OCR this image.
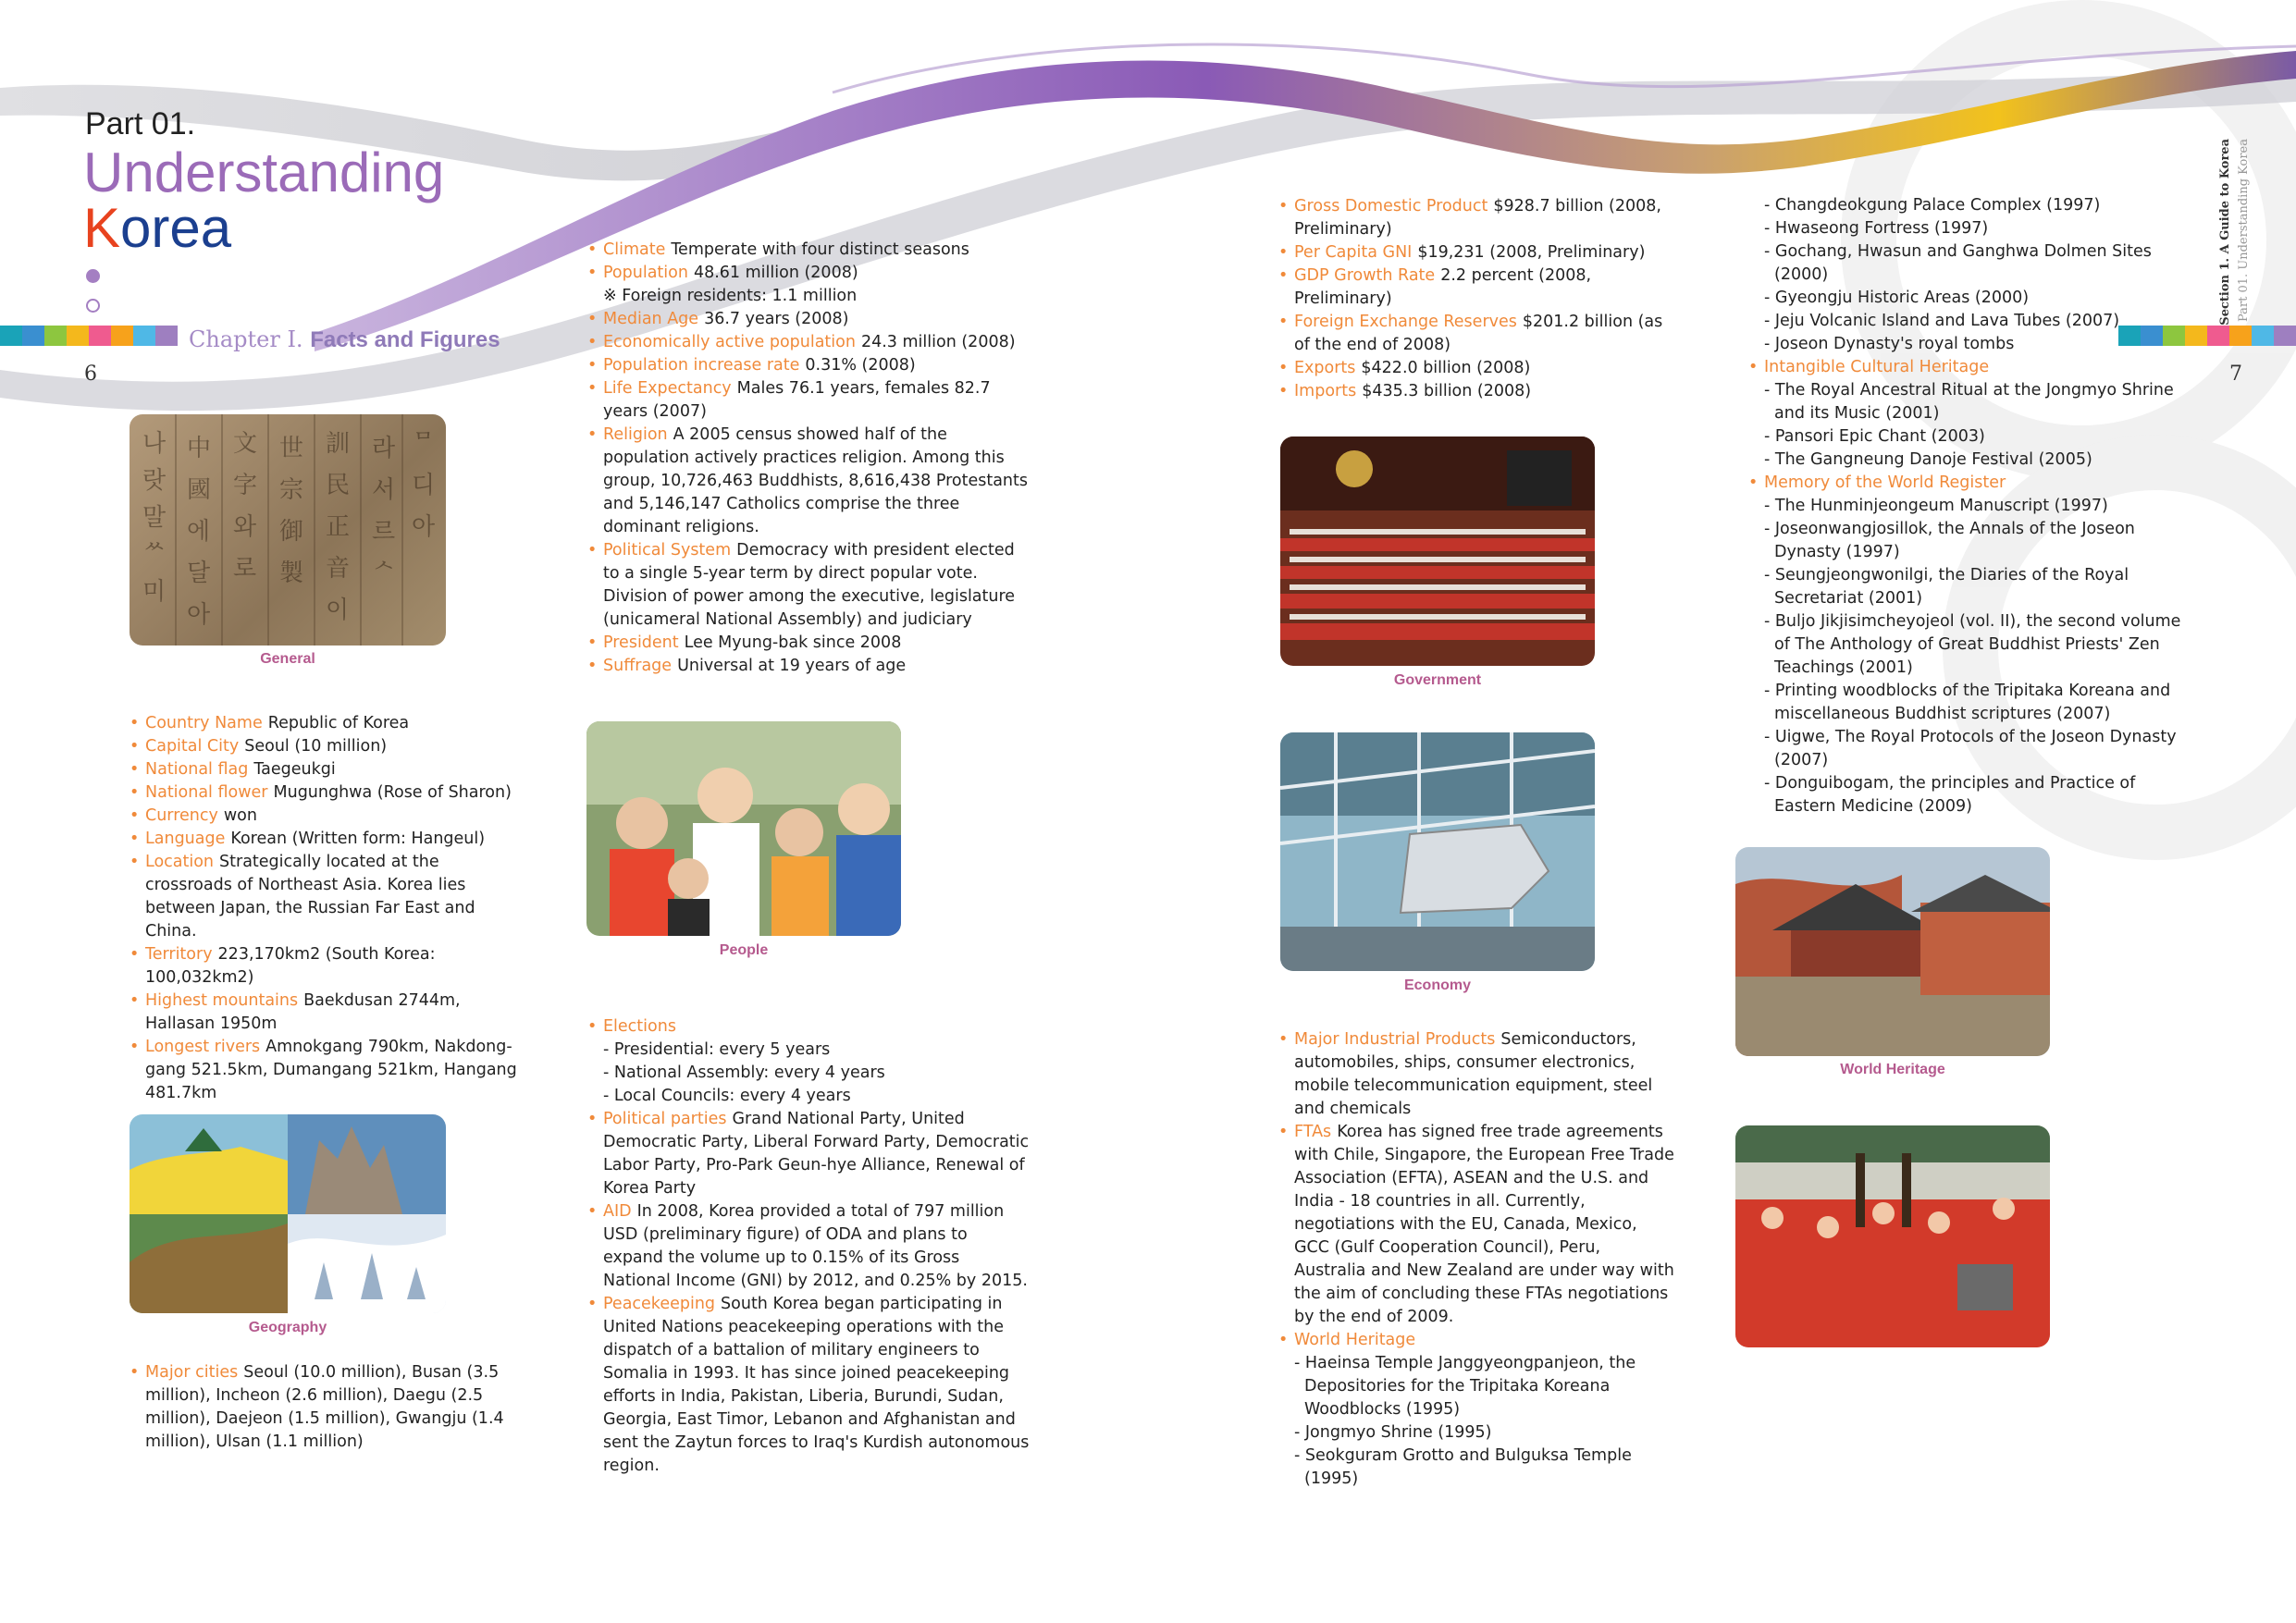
Part 01.
Understanding
Korea
Chapter Ⅰ. Facts and Figures
6	7
Section 1. A Guide to Korea Part 01. Understanding Korea
나
랏
말
ᄊ
미
中
國
에
달
아
文
字
와
로
世
宗
御
製
訓
民
正
音
이
라
서
르
ᄉ
ᄆ
디
아
General
Geography
People
Government
Economy
World Heritage
• Country Name Republic of Korea
• Capital City Seoul (10 million)
• National flag Taegeukgi
• National flower Mugunghwa (Rose of Sharon)
• Currency won
• Language Korean (Written form: Hangeul)
• Location Strategically located at the crossroads of Northeast Asia. Korea lies between Japan, the Russian Far East and China.
• Territory 223,170km2 (South Korea: 100,032km2)
• Highest mountains Baekdusan 2744m, Hallasan 1950m
• Longest rivers Amnokgang 790km, Nakdong-gang 521.5km, Dumangang 521km, Hangang 481.7km
• Major cities Seoul (10.0 million), Busan (3.5 million), Incheon (2.6 million), Daegu (2.5 million), Daejeon (1.5 million), Gwangju (1.4 million), Ulsan (1.1 million)
• Climate Temperate with four distinct seasons
• Population 48.61 million (2008)
※ Foreign residents: 1.1 million
• Median Age 36.7 years (2008)
• Economically active population 24.3 million (2008)
• Population increase rate 0.31% (2008)
• Life Expectancy Males 76.1 years, females 82.7 years (2007)
• Religion A 2005 census showed half of the population actively practices religion. Among this group, 10,726,463 Buddhists, 8,616,438 Protestants and 5,146,147 Catholics comprise the three dominant religions.
• Political System Democracy with president elected to a single 5-year term by direct popular vote. Division of power among the executive, legislature (unicameral National Assembly) and judiciary
• President Lee Myung-bak since 2008
• Suffrage Universal at 19 years of age
• Elections
- Presidential: every 5 years
- National Assembly: every 4 years
- Local Councils: every 4 years
• Political parties Grand National Party, United Democratic Party, Liberal Forward Party, Democratic Labor Party, Pro-Park Geun-hye Alliance, Renewal of Korea Party
• AID In 2008, Korea provided a total of 797 million USD (preliminary figure) of ODA and plans to expand the volume up to 0.15% of its Gross National Income (GNI) by 2012, and 0.25% by 2015.
• Peacekeeping South Korea began participating in United Nations peacekeeping operations with the dispatch of a battalion of military engineers to Somalia in 1993. It has since joined peacekeeping efforts in India, Pakistan, Liberia, Burundi, Sudan, Georgia, East Timor, Lebanon and Afghanistan and sent the Zaytun forces to Iraq's Kurdish autonomous region.
• Gross Domestic Product $928.7 billion (2008, Preliminary)
• Per Capita GNI $19,231 (2008, Preliminary)
• GDP Growth Rate 2.2 percent (2008, Preliminary)
• Foreign Exchange Reserves $201.2 billion (as of the end of 2008)
• Exports $422.0 billion (2008)
• Imports $435.3 billion (2008)
• Major Industrial Products Semiconductors, automobiles, ships, consumer electronics, mobile telecommunication equipment, steel and chemicals
• FTAs Korea has signed free trade agreements with Chile, Singapore, the European Free Trade Association (EFTA), ASEAN and the U.S. and India - 18 countries in all. Currently, negotiations with the EU, Canada, Mexico, GCC (Gulf Cooperation Council), Peru, Australia and New Zealand are under way with the aim of concluding these FTAs negotiations by the end of 2009.
• World Heritage
- Haeinsa Temple Janggyeongpanjeon, the Depositories for the Tripitaka Koreana Woodblocks (1995)
- Jongmyo Shrine (1995)
- Seokguram Grotto and Bulguksa Temple (1995)
- Changdeokgung Palace Complex (1997)
- Hwaseong Fortress (1997)
- Gochang, Hwasun and Ganghwa Dolmen Sites (2000)
- Gyeongju Historic Areas (2000)
- Jeju Volcanic Island and Lava Tubes (2007)
- Joseon Dynasty's royal tombs
• Intangible Cultural Heritage
- The Royal Ancestral Ritual at the Jongmyo Shrine and its Music (2001)
- Pansori Epic Chant (2003)
- The Gangneung Danoje Festival (2005)
• Memory of the World Register
- The Hunminjeongeum Manuscript (1997)
- Joseonwangjosillok, the Annals of the Joseon Dynasty (1997)
- Seungjeongwonilgi, the Diaries of the Royal Secretariat (2001)
- Buljo Jikjisimcheyojeol (vol. II), the second volume of The Anthology of Great Buddhist Priests' Zen Teachings (2001)
- Printing woodblocks of the Tripitaka Koreana and miscellaneous Buddhist scriptures (2007)
- Uigwe, The Royal Protocols of the Joseon Dynasty (2007)
- Donguibogam, the principles and Practice of Eastern Medicine (2009)
